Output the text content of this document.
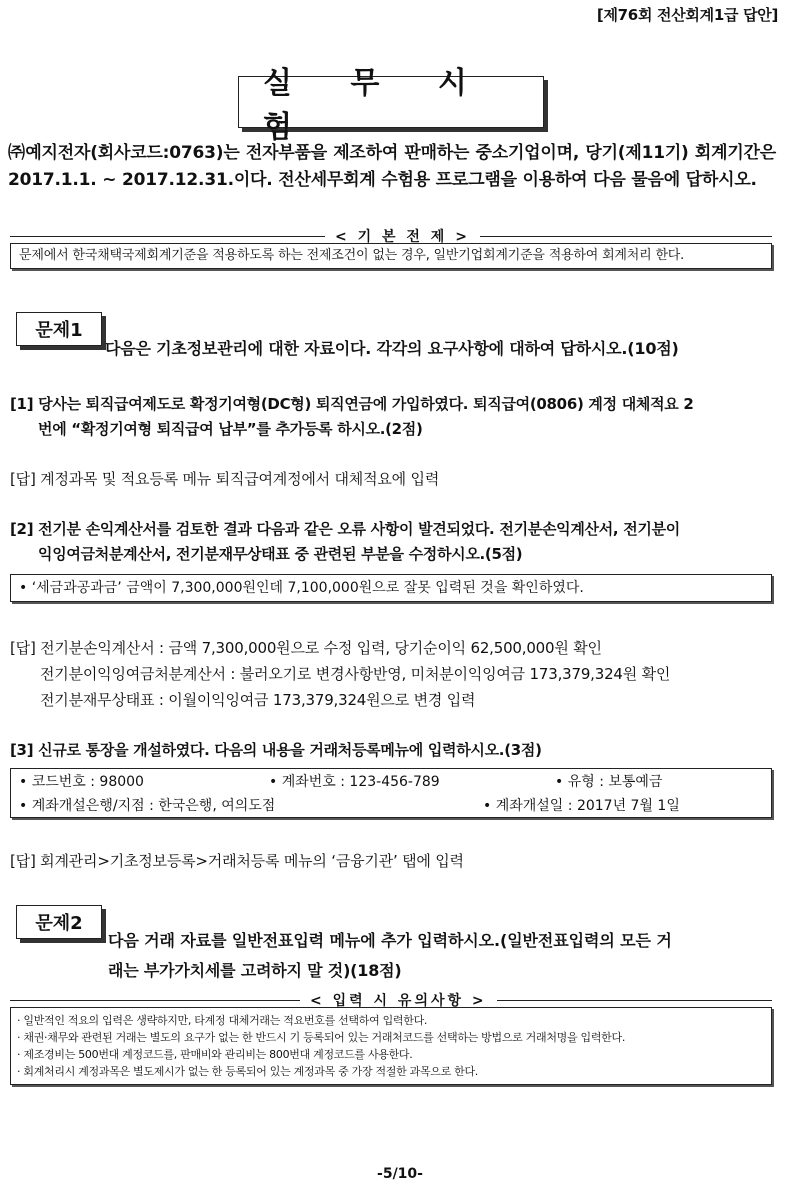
[제76회 전산회계1급 답안]
실 무 시 험
㈜예지전자(회사코드:0763)는 전자부품을 제조하여 판매하는 중소기업이며, 당기(제11기) 회계기간은 2017.1.1. ~ 2017.12.31.이다. 전산세무회계 수험용 프로그램을 이용하여 다음 물음에 답하시오.
< 기 본 전 제 >
문제에서 한국채택국제회계기준을 적용하도록 하는 전제조건이 없는 경우, 일반기업회계기준을 적용하여 회계처리 한다.
문제1
다음은 기초정보관리에 대한 자료이다. 각각의 요구사항에 대하여 답하시오.(10점)
[1] 당사는 퇴직급여제도로 확정기여형(DC형) 퇴직연금에 가입하였다. 퇴직급여(0806) 계정 대체적요 2
번에 “확정기여형 퇴직급여 납부”를 추가등록 하시오.(2점)
[답] 계정과목 및 적요등록 메뉴 퇴직급여계정에서 대체적요에 입력
[2] 전기분 손익계산서를 검토한 결과 다음과 같은 오류 사항이 발견되었다. 전기분손익계산서, 전기분이
익잉여금처분계산서, 전기분재무상태표 중 관련된 부분을 수정하시오.(5점)
• ‘세금과공과금’ 금액이 7,300,000원인데 7,100,000원으로 잘못 입력된 것을 확인하였다.
[답] 전기분손익계산서 : 금액 7,300,000원으로 수정 입력, 당기순이익 62,500,000원 확인
전기분이익잉여금처분계산서 : 불러오기로 변경사항반영, 미처분이익잉여금 173,379,324원 확인
전기분재무상태표 : 이월이익잉여금 173,379,324원으로 변경 입력
[3] 신규로 통장을 개설하였다. 다음의 내용을 거래처등록메뉴에 입력하시오.(3점)
• 코드번호 : 98000	• 계좌번호 : 123-456-789	• 유형 : 보통예금
• 계좌개설은행/지점 : 한국은행, 여의도점	• 계좌개설일 : 2017년 7월 1일
[답] 회계관리>기초정보등록>거래처등록 메뉴의 ‘금융기관’ 탭에 입력
문제2
다음 거래 자료를 일반전표입력 메뉴에 추가 입력하시오.(일반전표입력의 모든 거
래는 부가가치세를 고려하지 말 것)(18점)
< 입력 시 유의사항 >
· 일반적인 적요의 입력은 생략하지만, 타계정 대체거래는 적요번호를 선택하여 입력한다.
· 채권·채무와 관련된 거래는 별도의 요구가 없는 한 반드시 기 등록되어 있는 거래처코드를 선택하는 방법으로 거래처명을 입력한다.
· 제조경비는 500번대 계정코드를, 판매비와 관리비는 800번대 계정코드를 사용한다.
· 회계처리시 계정과목은 별도제시가 없는 한 등록되어 있는 계정과목 중 가장 적절한 과목으로 한다.
-5/10-
